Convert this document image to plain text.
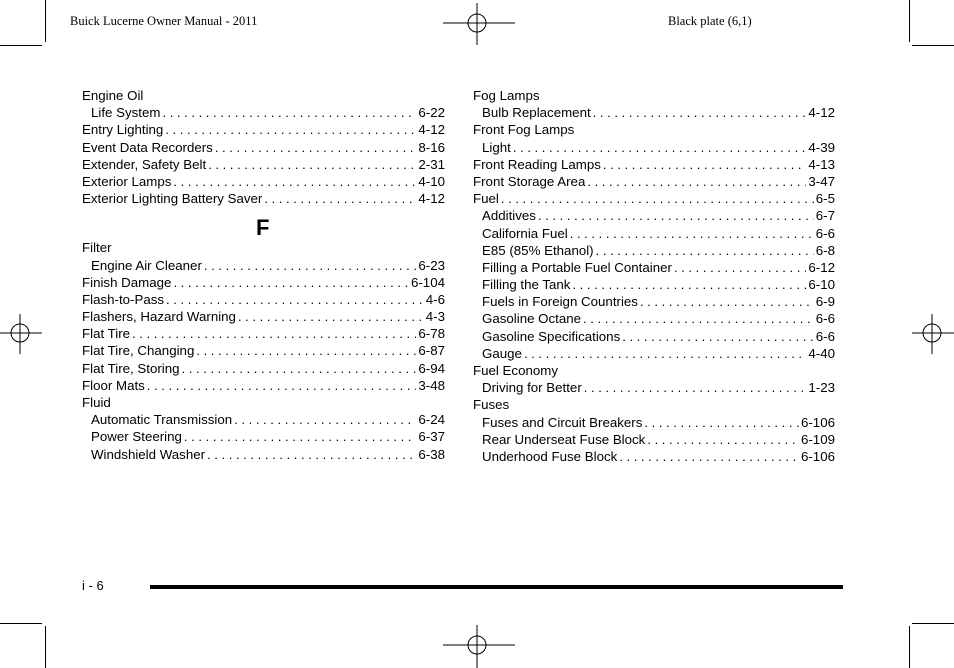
Buick Lucerne Owner Manual - 2011	Black plate (6,1)
Engine Oil
Life System . . .	6-22
Entry Lighting . . .	4-12
Event Data Recorders . . .	8-16
Extender, Safety Belt . . .	2-31
Exterior Lamps . . .	4-10
Exterior Lighting Battery Saver . . .	4-12
F
Filter
Engine Air Cleaner . . .	6-23
Finish Damage . . .	6-104
Flash-to-Pass . . .	4-6
Flashers, Hazard Warning . . .	4-3
Flat Tire . . .	6-78
Flat Tire, Changing . . .	6-87
Flat Tire, Storing . . .	6-94
Floor Mats . . .	3-48
Fluid
Automatic Transmission . . .	6-24
Power Steering . . .	6-37
Windshield Washer . . .	6-38
Fog Lamps
Bulb Replacement . . .	4-12
Front Fog Lamps
Light . . .	4-39
Front Reading Lamps . . .	4-13
Front Storage Area . . .	3-47
Fuel . . .	6-5
Additives . . .	6-7
California Fuel . . .	6-6
E85 (85% Ethanol) . . .	6-8
Filling a Portable Fuel Container . . .	6-12
Filling the Tank . . .	6-10
Fuels in Foreign Countries . . .	6-9
Gasoline Octane . . .	6-6
Gasoline Specifications . . .	6-6
Gauge . . .	4-40
Fuel Economy
Driving for Better . . .	1-23
Fuses
Fuses and Circuit Breakers . . .	6-106
Rear Underseat Fuse Block . . .	6-109
Underhood Fuse Block . . .	6-106
i - 6
